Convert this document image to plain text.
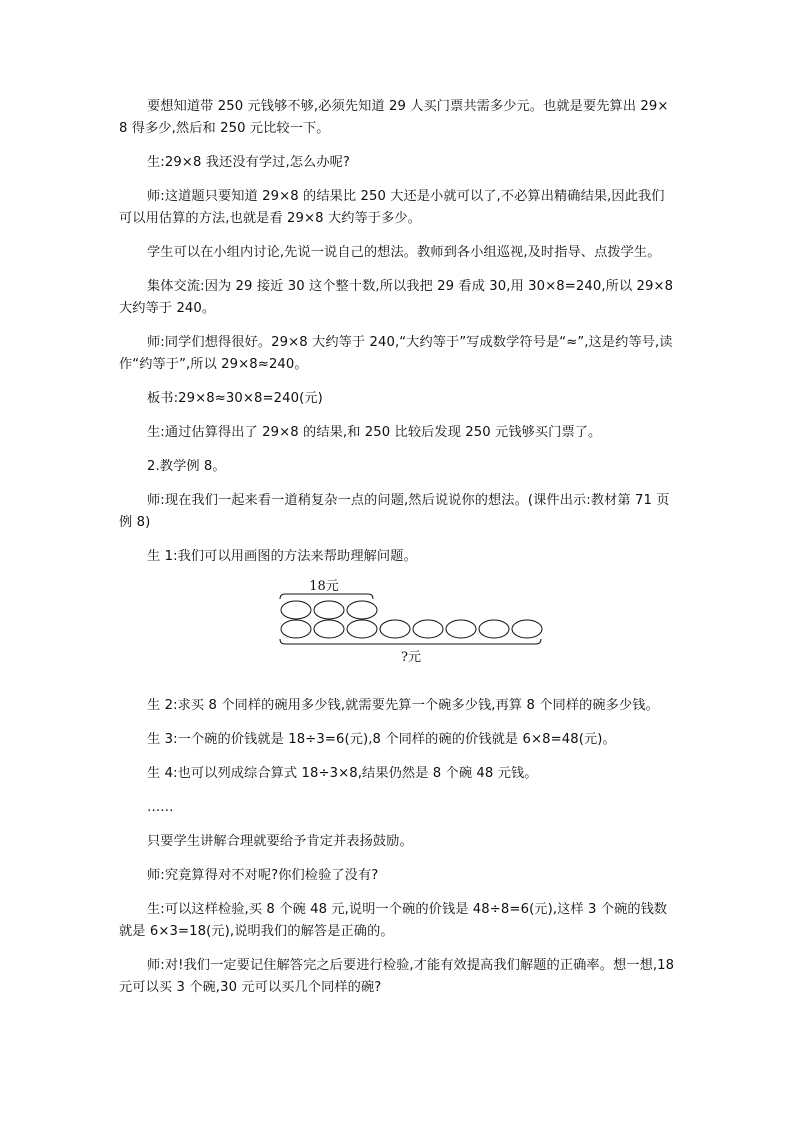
要想知道带 250 元钱够不够,必须先知道 29 人买门票共需多少元。也就是要先算出 29×8 得多少,然后和 250 元比较一下。

生:29×8 我还没有学过,怎么办呢?

师:这道题只要知道 29×8 的结果比 250 大还是小就可以了,不必算出精确结果,因此我们可以用估算的方法,也就是看 29×8 大约等于多少。

学生可以在小组内讨论,先说一说自己的想法。教师到各小组巡视,及时指导、点拨学生。

集体交流:因为 29 接近 30 这个整十数,所以我把 29 看成 30,用 30×8=240,所以 29×8 大约等于 240。

师:同学们想得很好。29×8 大约等于 240,“大约等于”写成数学符号是“≈”,这是约等号,读作“约等于”,所以 29×8≈240。

板书:29×8≈30×8=240(元)

生:通过估算得出了 29×8 的结果,和 250 比较后发现 250 元钱够买门票了。

2.教学例 8。

师:现在我们一起来看一道稍复杂一点的问题,然后说说你的想法。(课件出示:教材第 71 页例 8)

生 1:我们可以用画图的方法来帮助理解问题。

18元
?元

生 2:求买 8 个同样的碗用多少钱,就需要先算一个碗多少钱,再算 8 个同样的碗多少钱。

生 3:一个碗的价钱就是 18÷3=6(元),8 个同样的碗的价钱就是 6×8=48(元)。

生 4:也可以列成综合算式 18÷3×8,结果仍然是 8 个碗 48 元钱。

……

只要学生讲解合理就要给予肯定并表扬鼓励。

师:究竟算得对不对呢?你们检验了没有?

生:可以这样检验,买 8 个碗 48 元,说明一个碗的价钱是 48÷8=6(元),这样 3 个碗的钱数就是 6×3=18(元),说明我们的解答是正确的。

师:对!我们一定要记住解答完之后要进行检验,才能有效提高我们解题的正确率。想一想,18 元可以买 3 个碗,30 元可以买几个同样的碗?
